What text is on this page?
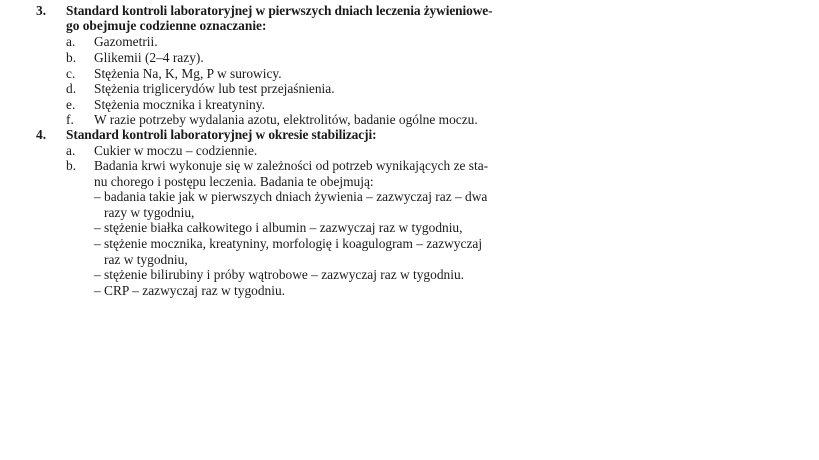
3. Standard kontroli laboratoryjnej w pierwszych dniach leczenia żywieniowe-
go obejmuje codzienne oznaczanie:
a. Gazometrii.
b. Glikemii (2–4 razy).
c. Stężenia Na, K, Mg, P w surowicy.
d. Stężenia triglicerydów lub test przejaśnienia.
e. Stężenia mocznika i kreatyniny.
f. W razie potrzeby wydalania azotu, elektrolitów, badanie ogólne moczu.
4. Standard kontroli laboratoryjnej w okresie stabilizacji:
a. Cukier w moczu – codziennie.
b. Badania krwi wykonuje się w zależności od potrzeb wynikających ze sta-
nu chorego i postępu leczenia. Badania te obejmują:
– badania takie jak w pierwszych dniach żywienia – zazwyczaj raz – dwa
razy w tygodniu,
– stężenie białka całkowitego i albumin – zazwyczaj raz w tygodniu,
– stężenie mocznika, kreatyniny, morfologię i koagulogram – zazwyczaj
raz w tygodniu,
– stężenie bilirubiny i próby wątrobowe – zazwyczaj raz w tygodniu.
– CRP – zazwyczaj raz w tygodniu.
